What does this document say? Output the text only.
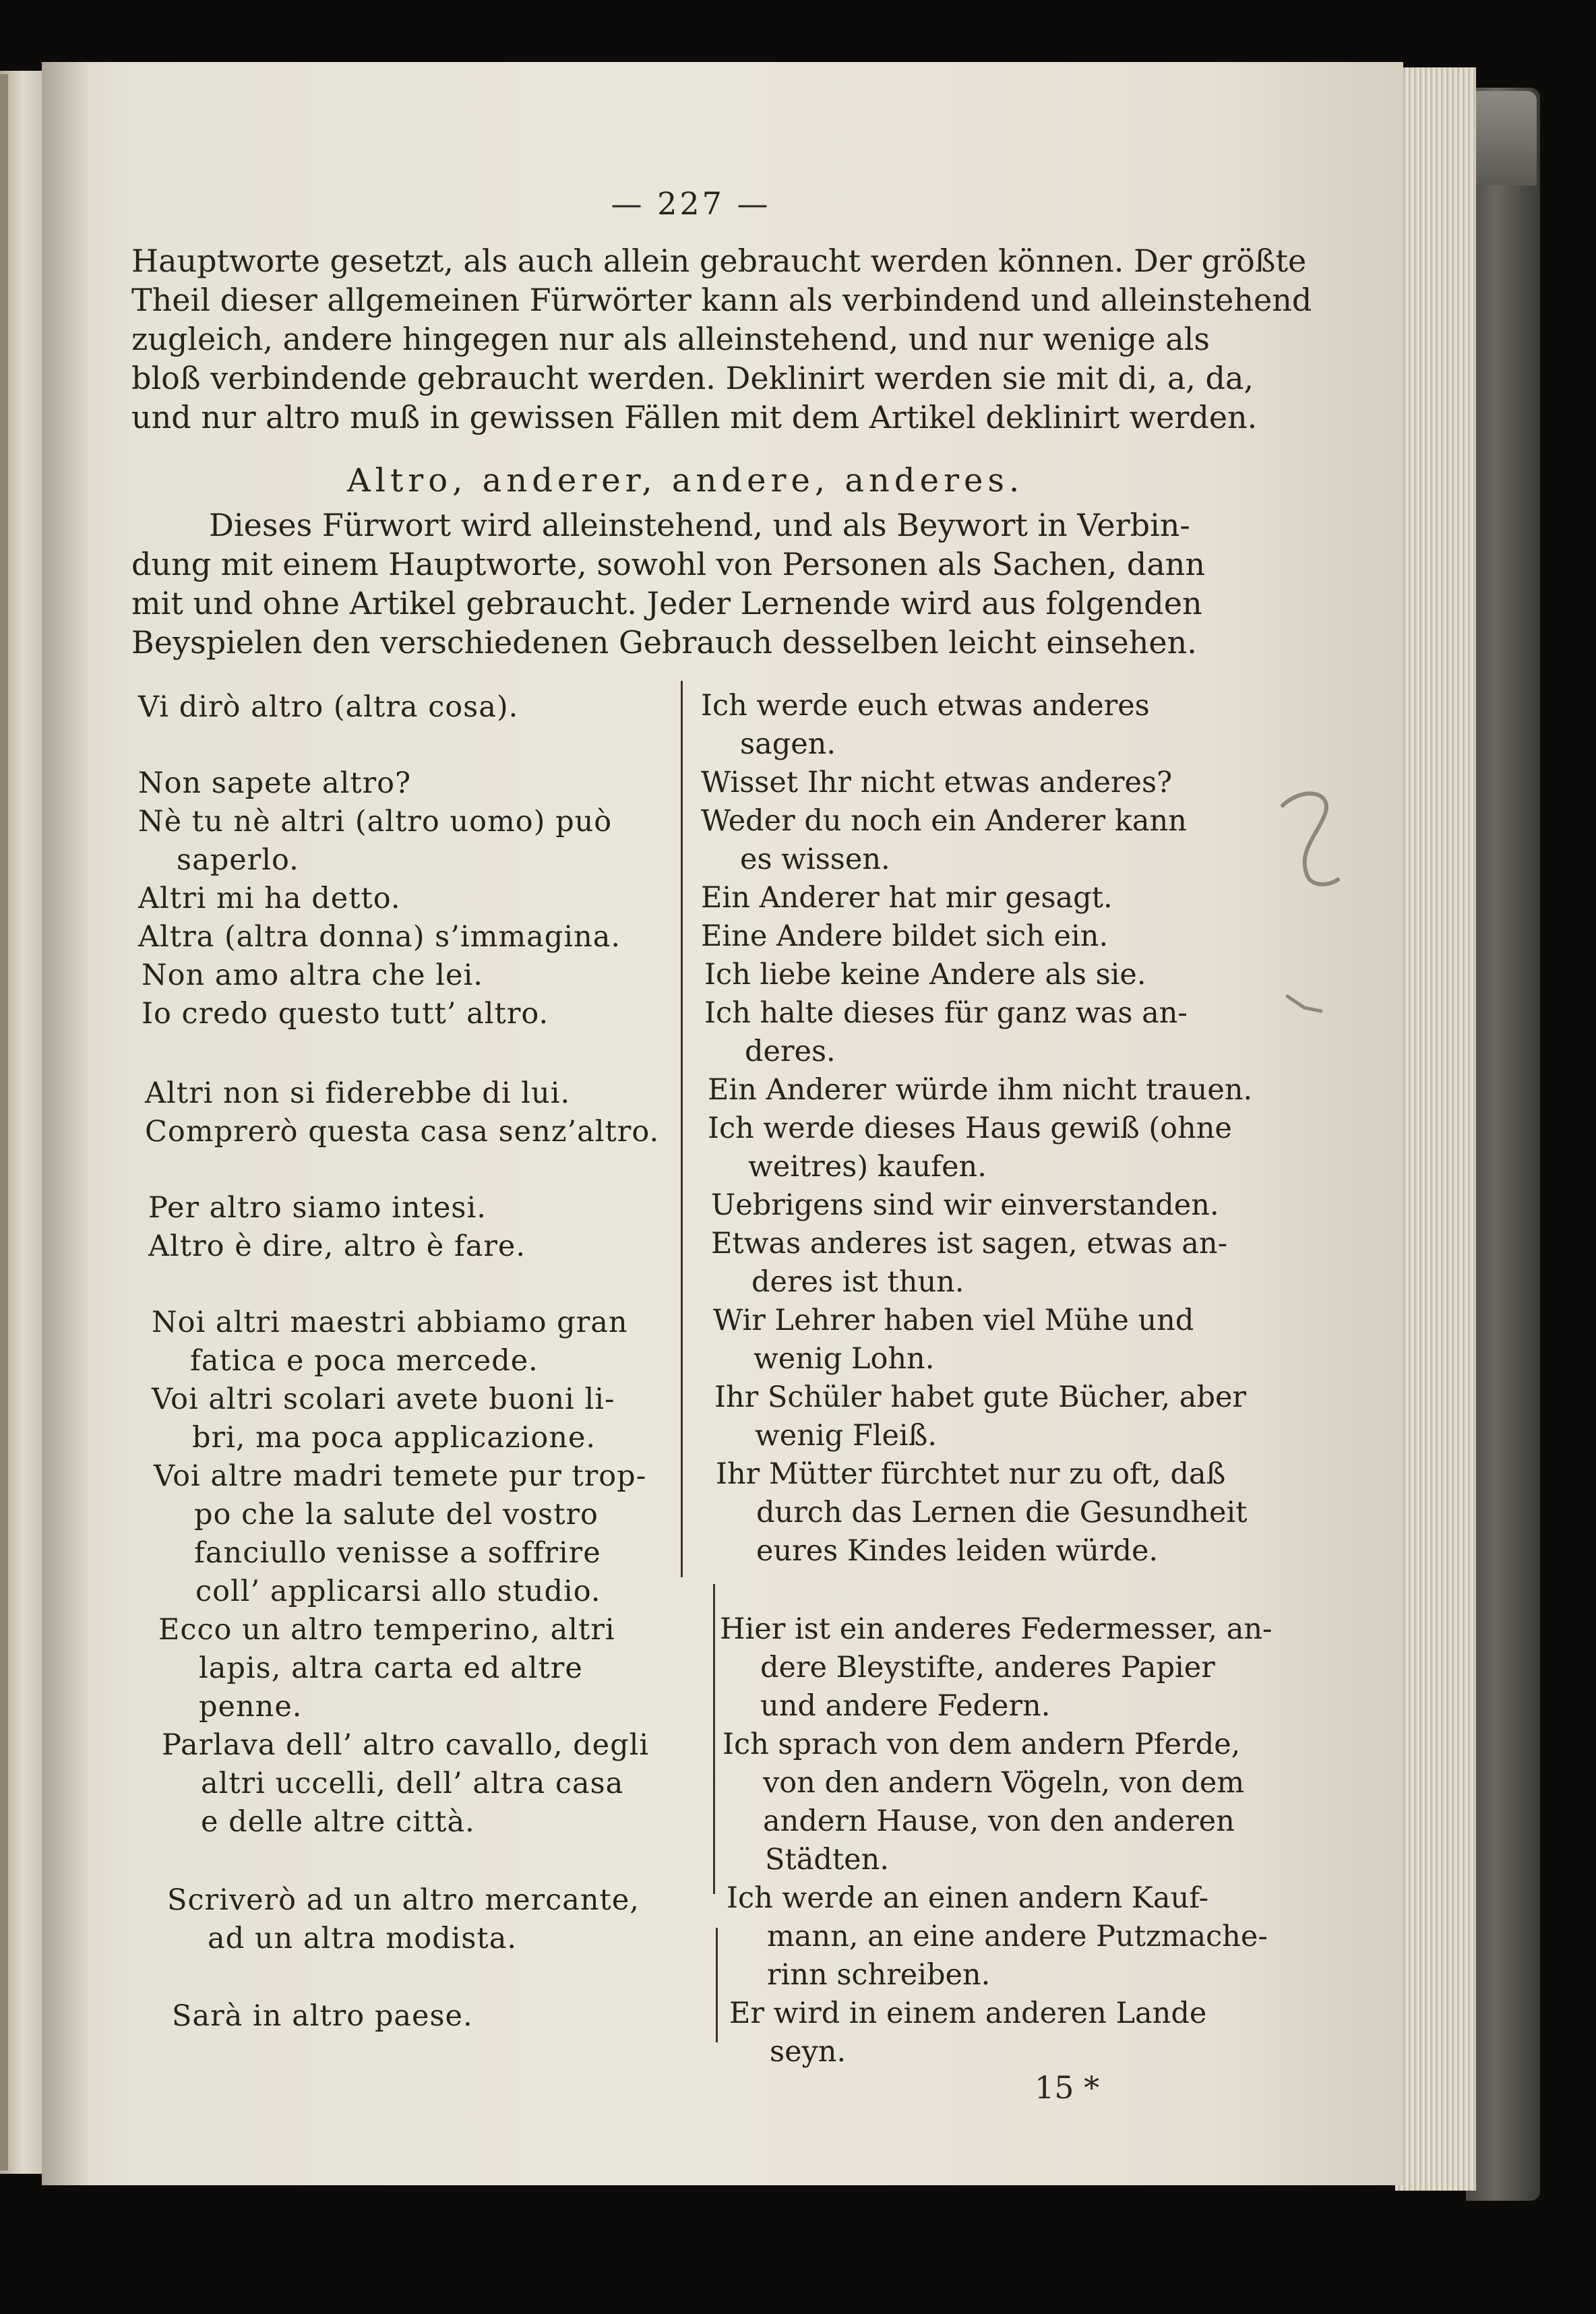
— 227 —
Hauptworte gesetzt, als auch allein gebraucht werden können. Der größte
Theil dieser allgemeinen Fürwörter kann als verbindend und alleinstehend
zugleich, andere hingegen nur als alleinstehend, und nur wenige als
bloß verbindende gebraucht werden. Deklinirt werden sie mit di, a, da,
und nur altro muß in gewissen Fällen mit dem Artikel deklinirt werden.
Altro, anderer, andere, anderes.
Dieses Fürwort wird alleinstehend, und als Beywort in Verbin-
dung mit einem Hauptworte, sowohl von Personen als Sachen, dann
mit und ohne Artikel gebraucht. Jeder Lernende wird aus folgenden
Beyspielen den verschiedenen Gebrauch desselben leicht einsehen.
Vi dirò altro (altra cosa).
Non sapete altro?
Nè tu nè altri (altro uomo) può
saperlo.
Altri mi ha detto.
Altra (altra donna) s’immagina.
Non amo altra che lei.
Io credo questo tutt’ altro.
Altri non si fiderebbe di lui.
Comprerò questa casa senz’altro.
Per altro siamo intesi.
Altro è dire, altro è fare.
Noi altri maestri abbiamo gran
fatica e poca mercede.
Voi altri scolari avete buoni li-
bri, ma poca applicazione.
Voi altre madri temete pur trop-
po che la salute del vostro
fanciullo venisse a soffrire
coll’ applicarsi allo studio.
Ecco un altro temperino, altri
lapis, altra carta ed altre
penne.
Parlava dell’ altro cavallo, degli
altri uccelli, dell’ altra casa
e delle altre città.
Scriverò ad un altro mercante,
ad un altra modista.
Sarà in altro paese.
Ich werde euch etwas anderes
sagen.
Wisset Ihr nicht etwas anderes?
Weder du noch ein Anderer kann
es wissen.
Ein Anderer hat mir gesagt.
Eine Andere bildet sich ein.
Ich liebe keine Andere als sie.
Ich halte dieses für ganz was an-
deres.
Ein Anderer würde ihm nicht trauen.
Ich werde dieses Haus gewiß (ohne
weitres) kaufen.
Uebrigens sind wir einverstanden.
Etwas anderes ist sagen, etwas an-
deres ist thun.
Wir Lehrer haben viel Mühe und
wenig Lohn.
Ihr Schüler habet gute Bücher, aber
wenig Fleiß.
Ihr Mütter fürchtet nur zu oft, daß
durch das Lernen die Gesundheit
eures Kindes leiden würde.
Hier ist ein anderes Federmesser, an-
dere Bleystifte, anderes Papier
und andere Federn.
Ich sprach von dem andern Pferde,
von den andern Vögeln, von dem
andern Hause, von den anderen
Städten.
Ich werde an einen andern Kauf-
mann, an eine andere Putzmache-
rinn schreiben.
Er wird in einem anderen Lande
seyn.
15 *
